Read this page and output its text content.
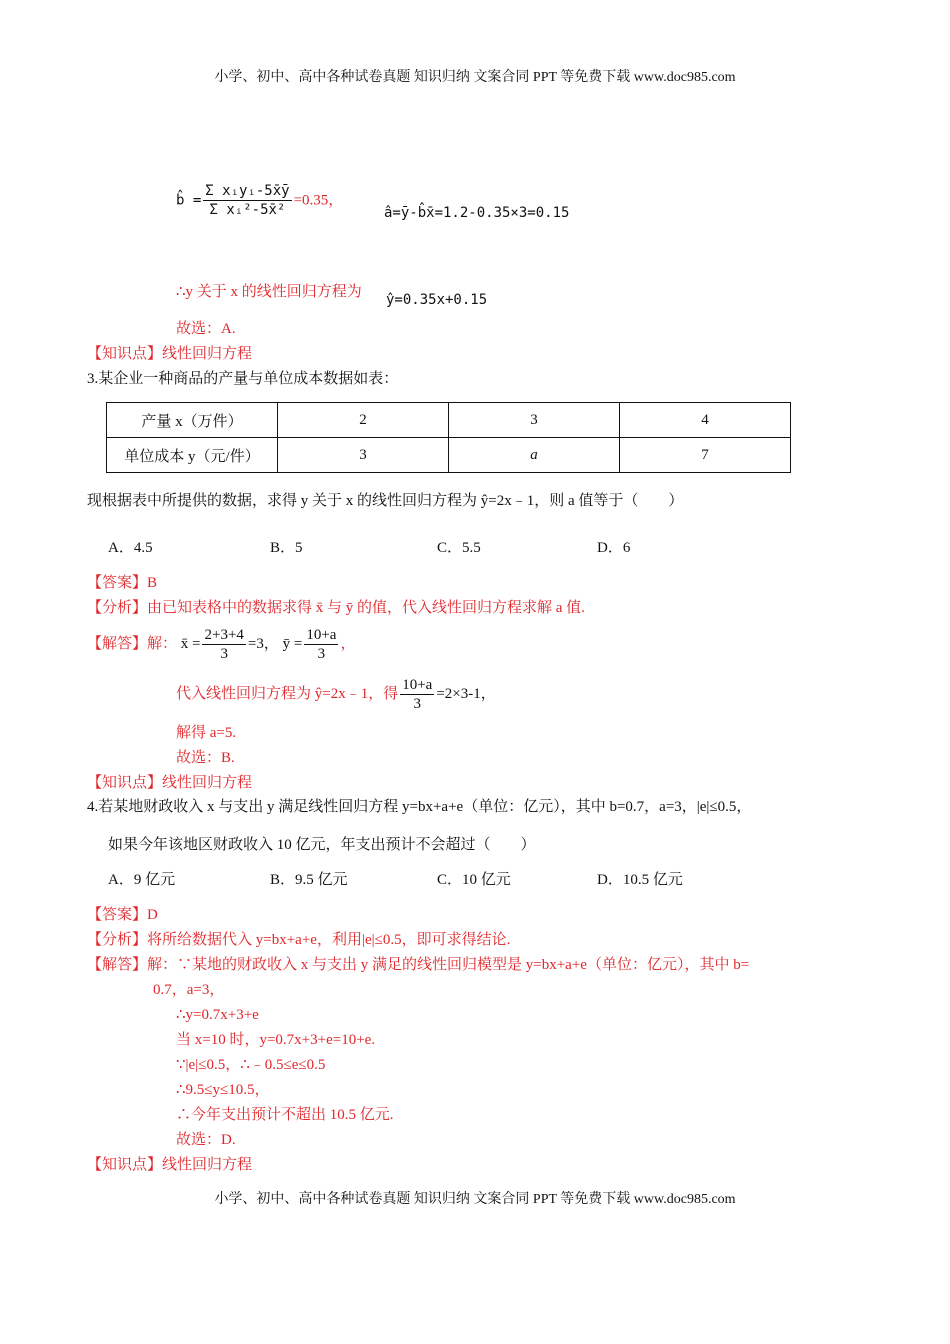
小学、初中、高中各种试卷真题 知识归纳 文案合同 PPT 等免费下载 www.doc985.com
b̂ = $\frac{\text{Σ xᵢyᵢ-5x̄ȳ}}{\text{Σ xᵢ²-5x̄²}} =0.35$，
â=ȳ-b̂x̄=1.2-0.35×3=0.15
∴y 关于 x 的线性回归方程为 ŷ=0.35x+0.15
故选：A.
【知识点】线性回归方程
3.某企业一种商品的产量与单位成本数据如表：
产量 x（万件）	2	3	4
单位成本 y（元/件）	3	a	7
现根据表中所提供的数据，求得 y 关于 x 的线性回归方程为 ŷ=2x﹣1，则 a 值等于（　　）
A．4.5	B．5	C．5.5	D．6
【答案】B
【分析】由已知表格中的数据求得 x̄ 与 ȳ 的值，代入线性回归方程求解 a 值.
【解答】解： x̄ = $\frac{2+3+4}{3} =3$， ȳ = $\frac{10+a}{3}$ ，
代入线性回归方程为 ŷ=2x﹣1，得 $\frac{10+a}{3} =2\times 3-1$，
解得 a=5.
故选：B.
【知识点】线性回归方程
4.若某地财政收入 x 与支出 y 满足线性回归方程 y=bx+a+e（单位：亿元），其中 b=0.7，a=3，|e|≤0.5，
如果今年该地区财政收入 10 亿元，年支出预计不会超过（　　）
A．9 亿元	B．9.5 亿元	C．10 亿元	D．10.5 亿元
【答案】D
【分析】将所给数据代入 y=bx+a+e，利用|e|≤0.5，即可求得结论.
【解答】解：∵某地的财政收入 x 与支出 y 满足的线性回归模型是 y=bx+a+e（单位：亿元），其中 b=
0.7，a=3，
∴y=0.7x+3+e
当 x=10 时，y=0.7x+3+e=10+e.
∵|e|≤0.5，∴﹣0.5≤e≤0.5
∴9.5≤y≤10.5，
∴今年支出预计不超出 10.5 亿元.
故选：D.
【知识点】线性回归方程
小学、初中、高中各种试卷真题 知识归纳 文案合同 PPT 等免费下载 www.doc985.com
